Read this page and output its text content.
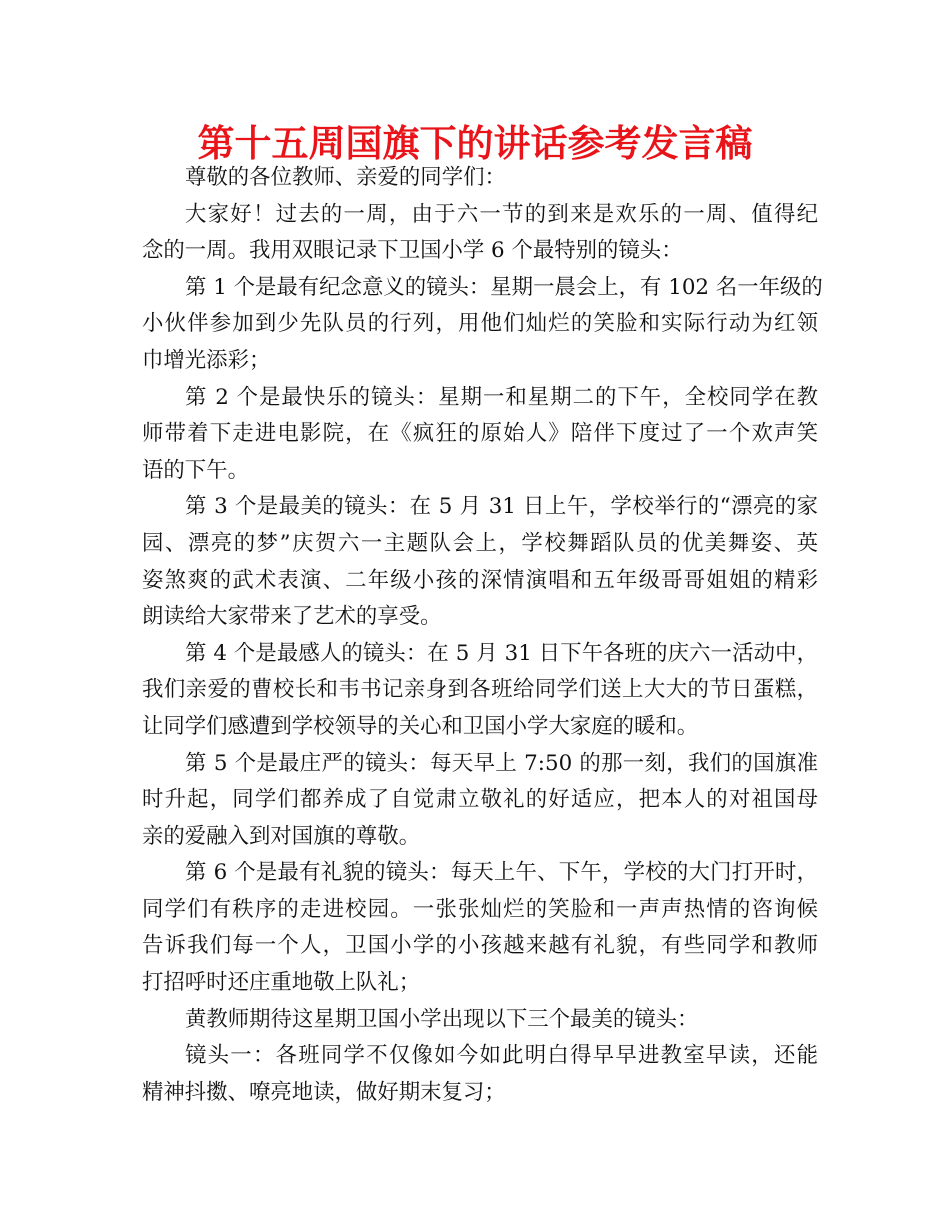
第十五周国旗下的讲话参考发言稿

尊敬的各位教师、亲爱的同学们：

大家好！过去的一周，由于六一节的到来是欢乐的一周、值得纪
念的一周。我用双眼记录下卫国小学 6 个最特别的镜头：

第 1 个是最有纪念意义的镜头：星期一晨会上，有 102 名一年级的
小伙伴参加到少先队员的行列，用他们灿烂的笑脸和实际行动为红领
巾增光添彩；

第 2 个是最快乐的镜头：星期一和星期二的下午，全校同学在教
师带着下走进电影院，在《疯狂的原始人》陪伴下度过了一个欢声笑
语的下午。

第 3 个是最美的镜头：在 5 月 31 日上午，学校举行的“漂亮的家
园、漂亮的梦”庆贺六一主题队会上，学校舞蹈队员的优美舞姿、英
姿煞爽的武术表演、二年级小孩的深情演唱和五年级哥哥姐姐的精彩
朗读给大家带来了艺术的享受。

第 4 个是最感人的镜头：在 5 月 31 日下午各班的庆六一活动中，
我们亲爱的曹校长和韦书记亲身到各班给同学们送上大大的节日蛋糕，
让同学们感遭到学校领导的关心和卫国小学大家庭的暖和。

第 5 个是最庄严的镜头：每天早上 7:50 的那一刻，我们的国旗准
时升起，同学们都养成了自觉肃立敬礼的好适应，把本人的对祖国母
亲的爱融入到对国旗的尊敬。

第 6 个是最有礼貌的镜头：每天上午、下午，学校的大门打开时，
同学们有秩序的走进校园。一张张灿烂的笑脸和一声声热情的咨询候
告诉我们每一个人，卫国小学的小孩越来越有礼貌，有些同学和教师
打招呼时还庄重地敬上队礼；

黄教师期待这星期卫国小学出现以下三个最美的镜头：

镜头一：各班同学不仅像如今如此明白得早早进教室早读，还能
精神抖擞、嘹亮地读，做好期末复习；
